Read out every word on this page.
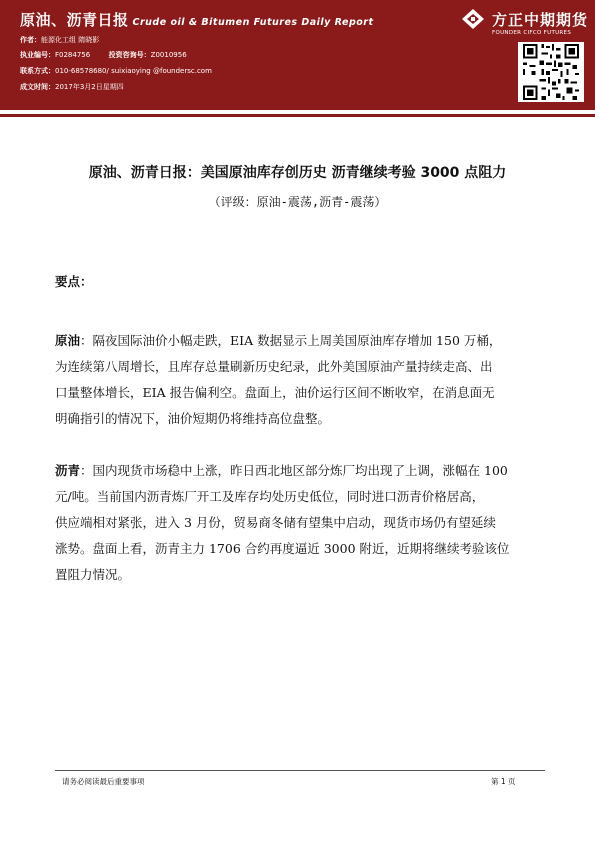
原油、沥青日报 Crude oil & Bitumen Futures Daily Report
作者：能源化工组 隋晓影
执业编号：F0284756	投资咨询号：Z0010956
联系方式：010-68578680/ suixiaoying @foundersc.com
成文时间：2017年3月2日星期四
方正中期期货
FOUNDER CIFCO FUTURES
原油、沥青日报：美国原油库存创历史 沥青继续考验 3000 点阻力
（评级：原油-震荡,沥青-震荡）
要点：
原油：隔夜国际油价小幅走跌，EIA 数据显示上周美国原油库存增加 150 万桶，
为连续第八周增长，且库存总量刷新历史纪录，此外美国原油产量持续走高、出
口量整体增长，EIA 报告偏利空。盘面上，油价运行区间不断收窄，在消息面无
明确指引的情况下，油价短期仍将维持高位盘整。
沥青：国内现货市场稳中上涨，昨日西北地区部分炼厂均出现了上调，涨幅在 100
元/吨。当前国内沥青炼厂开工及库存均处历史低位，同时进口沥青价格居高，
供应端相对紧张，进入 3 月份，贸易商冬储有望集中启动，现货市场仍有望延续
涨势。盘面上看，沥青主力 1706 合约再度逼近 3000 附近，近期将继续考验该位
置阻力情况。
请务必阅读最后重要事项	第 1 页
